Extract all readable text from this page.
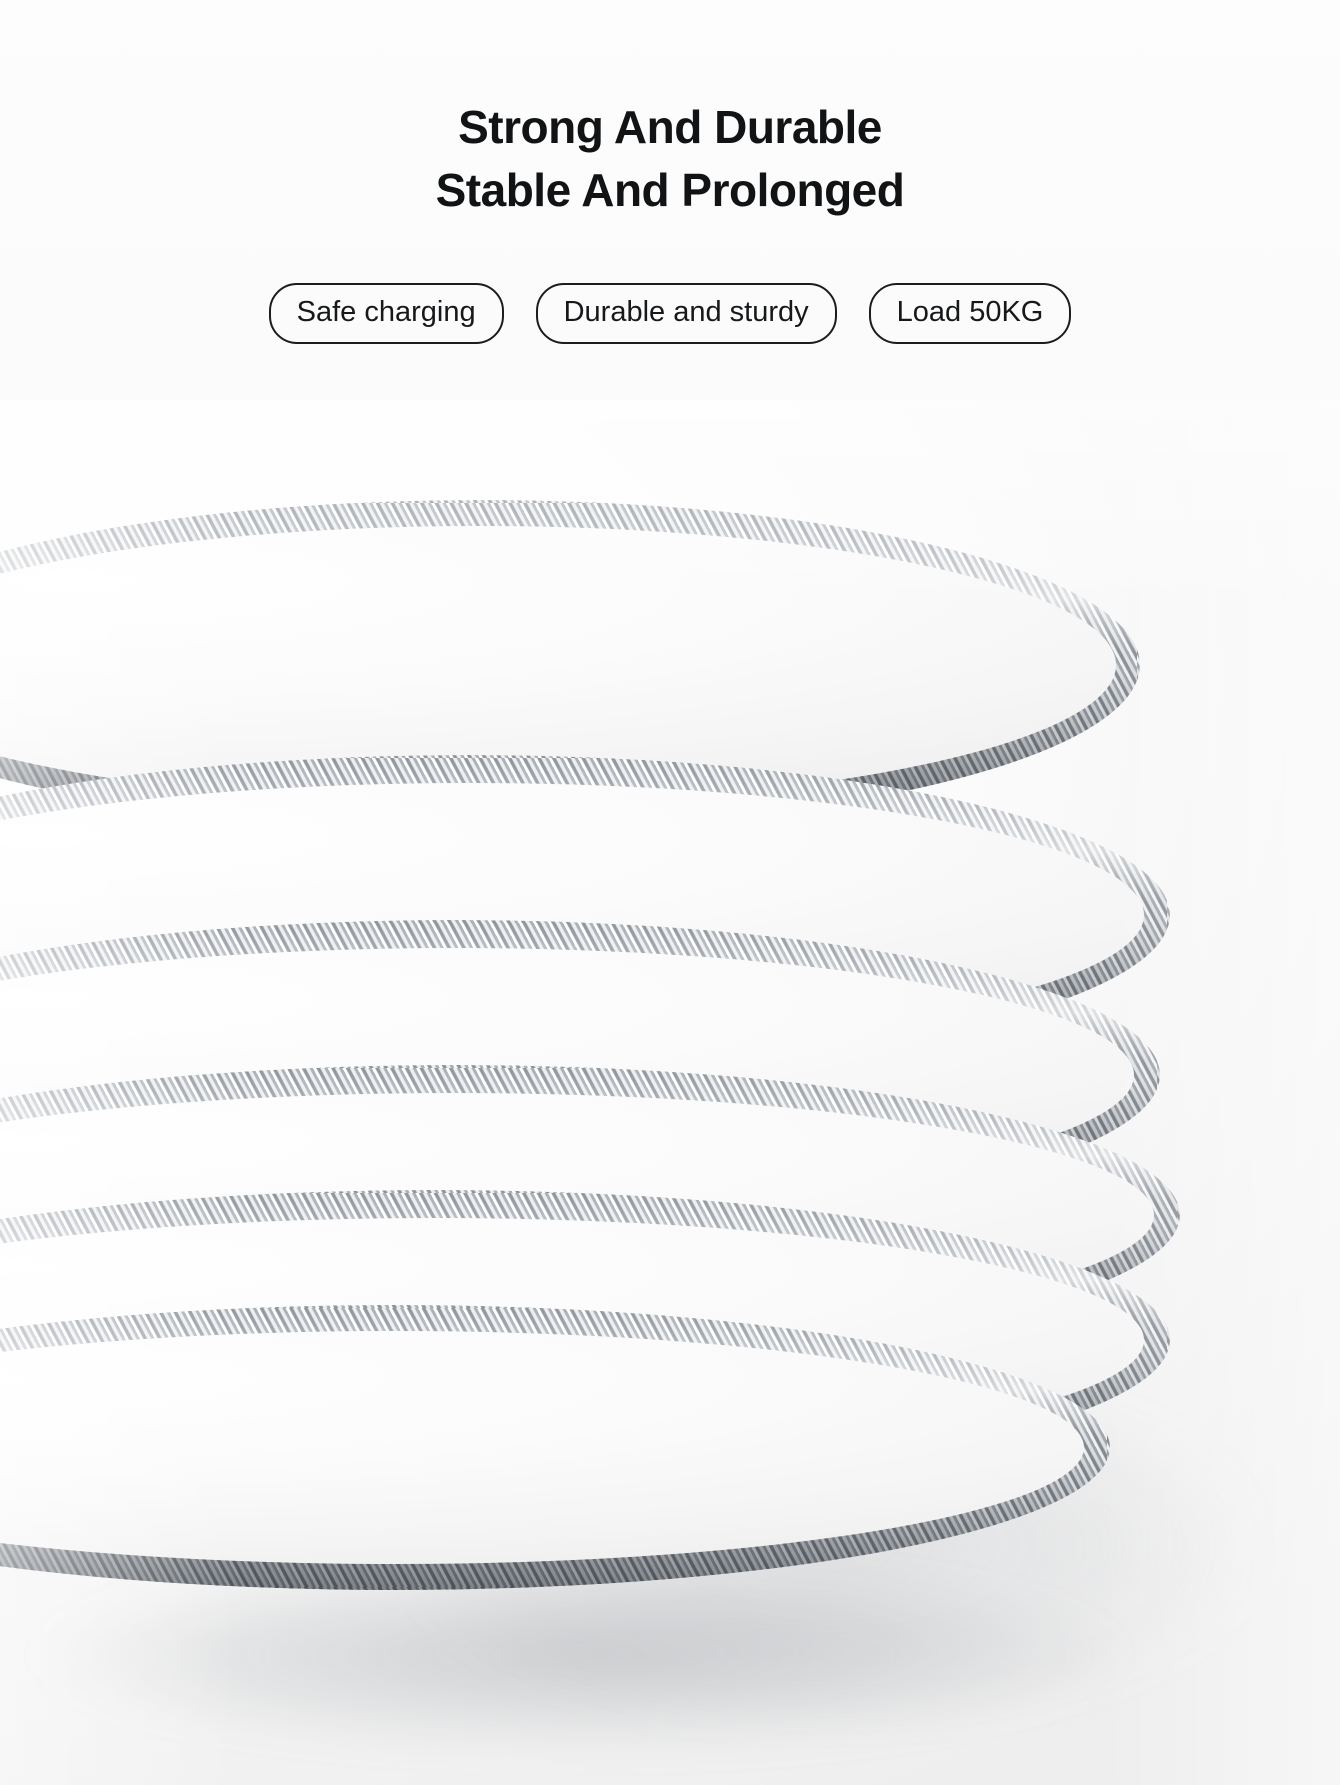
Strong And Durable
Stable And Prolonged
Safe charging	Durable and sturdy	Load 50KG
